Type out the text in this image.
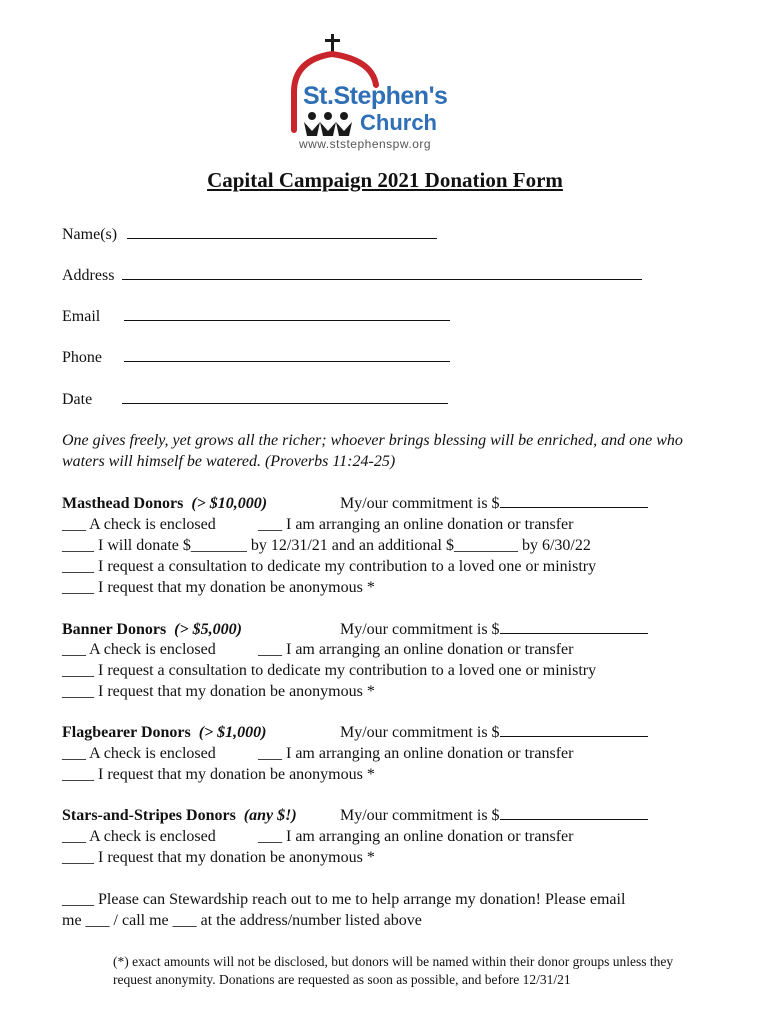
St.Stephen's
Church
www.ststephenspw.org
Capital Campaign 2021 Donation Form
Name(s)
Address
Email
Phone
Date
One gives freely, yet grows all the richer; whoever brings blessing will be enriched, and one who waters will himself be watered. (Proverbs 11:24-25)
Masthead Donors (> $10,000)	My/our commitment is $
___ A check is enclosed	___ I am arranging an online donation or transfer
____ I will donate $_______ by 12/31/21 and an additional $________ by 6/30/22
____ I request a consultation to dedicate my contribution to a loved one or ministry
____ I request that my donation be anonymous *
Banner Donors (> $5,000)	My/our commitment is $
___ A check is enclosed	___ I am arranging an online donation or transfer
____ I request a consultation to dedicate my contribution to a loved one or ministry
____ I request that my donation be anonymous *
Flagbearer Donors (> $1,000)	My/our commitment is $
___ A check is enclosed	___ I am arranging an online donation or transfer
____ I request that my donation be anonymous *
Stars-and-Stripes Donors (any $!)	My/our commitment is $
___ A check is enclosed	___ I am arranging an online donation or transfer
____ I request that my donation be anonymous *
____ Please can Stewardship reach out to me to help arrange my donation! Please email
me ___ / call me ___ at the address/number listed above
(*) exact amounts will not be disclosed, but donors will be named within their donor groups unless they request anonymity. Donations are requested as soon as possible, and before 12/31/21
